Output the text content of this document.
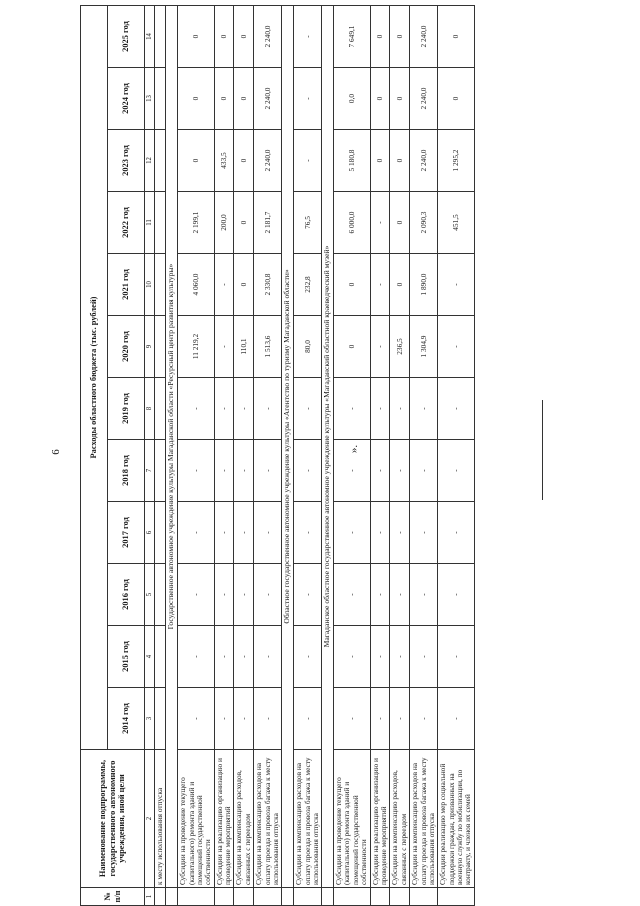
6	».
№ п/п	Наименование подпрограммы, государственного автономного учреждения, иной цели	Расходы областного бюджета (тыс. рублей)											
		2014 год	2015 год	2016 год	2017 год	2018 год	2019 год	2020 год	2021 год	2022 год	2023 год	2024 год	2025 год
1	2	3	4	5	6	7	8	9	10	11	12	13	14
	к месту использования отпуска												
	Государственное автономное учреждение культуры Магаданской области «Ресурсный центр развития культуры»												
	Субсидии на проведение текущего (капитального) ремонта зданий и помещений государственной собственности	-	-	-	-	-	-	11 219,2	4 060,0	2 199,1	0	0	0
	Субсидии на реализацию организацию и проведение мероприятий	-	-	-	-	-	-	-	-	200,0	433,5	0	0
	Субсидии на компенсацию расходов, связанных с переездом	-	-	-	-	-	-	110,1	0	0	0	0	0
	Субсидии на компенсацию расходов на оплату проезда и провоза багажа к месту использования отпуска	-	-	-	-	-	-	1 513,6	2 330,8	2 181,7	2 240,0	2 240,0	2 240,0
	Областное государственное автономное учреждение культуры «Агентство по туризму Магаданской области»												
	Субсидии на компенсацию расходов на оплату проезда и провоза багажа к месту использования отпуска	-	-	-	-	-	-	80,0	232,8	76,5	-	-	-
	Магаданское областное государственное автономное учреждение культуры «Магаданский областной краеведческий музей»												
	Субсидии на проведение текущего (капитального) ремонта зданий и помещений государственной собственности	-	-	-	-	-	-	0	0	6 000,0	5 180,8	0,0	7 649,1
	Субсидии на реализацию организацию и проведение мероприятий	-	-	-	-	-	-	-	-	-	0	0	0
	Субсидии на компенсацию расходов, связанных с переездом	-	-	-	-	-	-	236,5	0	0	0	0	0
	Субсидии на компенсацию расходов на оплату проезда и провоза багажа к месту использования отпуска	-	-	-	-	-	-	1 304,9	1 890,0	2 090,3	2 240,0	2 240,0	2 240,0
	Субсидии реализацию мер социальной поддержки граждан, призванных на военную службу по мобилизации, по контракту, и членов их семей	-	-	-	-	-	-	-	-	451,5	1 295,2	0	0
